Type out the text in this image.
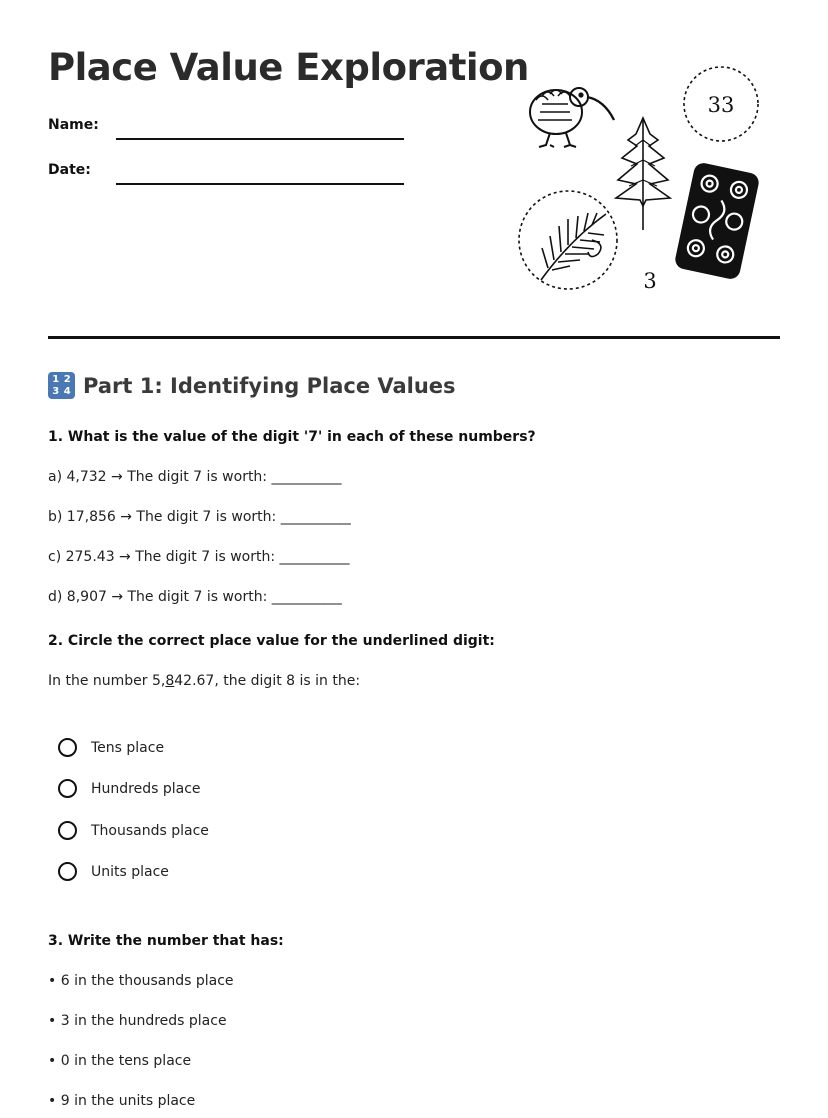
Place Value Exploration
Name:
Date:
33
3
1 2
3 4 Part 1: Identifying Place Values
1. What is the value of the digit '7' in each of these numbers?
a) 4,732 → The digit 7 is worth: __________
b) 17,856 → The digit 7 is worth: __________
c) 275.43 → The digit 7 is worth: __________
d) 8,907 → The digit 7 is worth: __________
2. Circle the correct place value for the underlined digit:
In the number 5,842.67, the digit 8 is in the:
Tens place
Hundreds place
Thousands place
Units place
3. Write the number that has:
• 6 in the thousands place
• 3 in the hundreds place
• 0 in the tens place
• 9 in the units place
